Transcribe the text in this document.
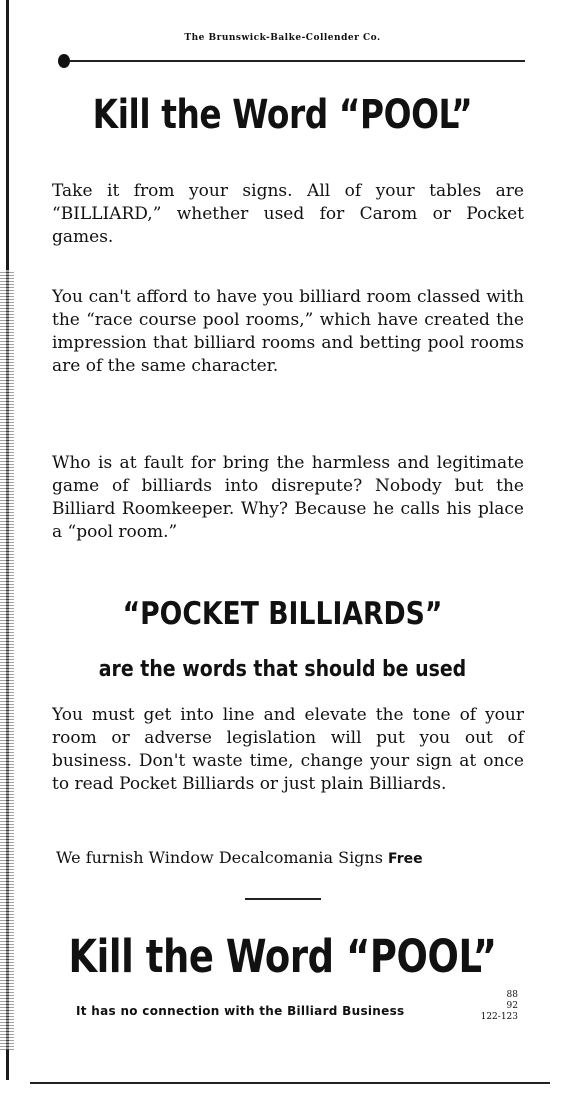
The Brunswick-Balke-Collender Co.
Kill the Word “POOL”
Take it from your signs. All of your tables are “BILLIARD,” whether used for Carom or Pocket games.
You can't afford to have you billiard room classed with the “race course pool rooms,” which have created the impression that billiard rooms and betting pool rooms are of the same character.
Who is at fault for bring the harmless and legitimate game of billiards into disrepute? Nobody but the Billiard Roomkeeper. Why? Because he calls his place a “pool room.”
“POCKET BILLIARDS”
are the words that should be used
You must get into line and elevate the tone of your room or adverse legislation will put you out of business. Don't waste time, change your sign at once to read Pocket Billiards or just plain Billiards.
We furnish Window Decalcomania Signs Free
Kill the Word “POOL”
It has no connection with the Billiard Business
88
92
122-123
